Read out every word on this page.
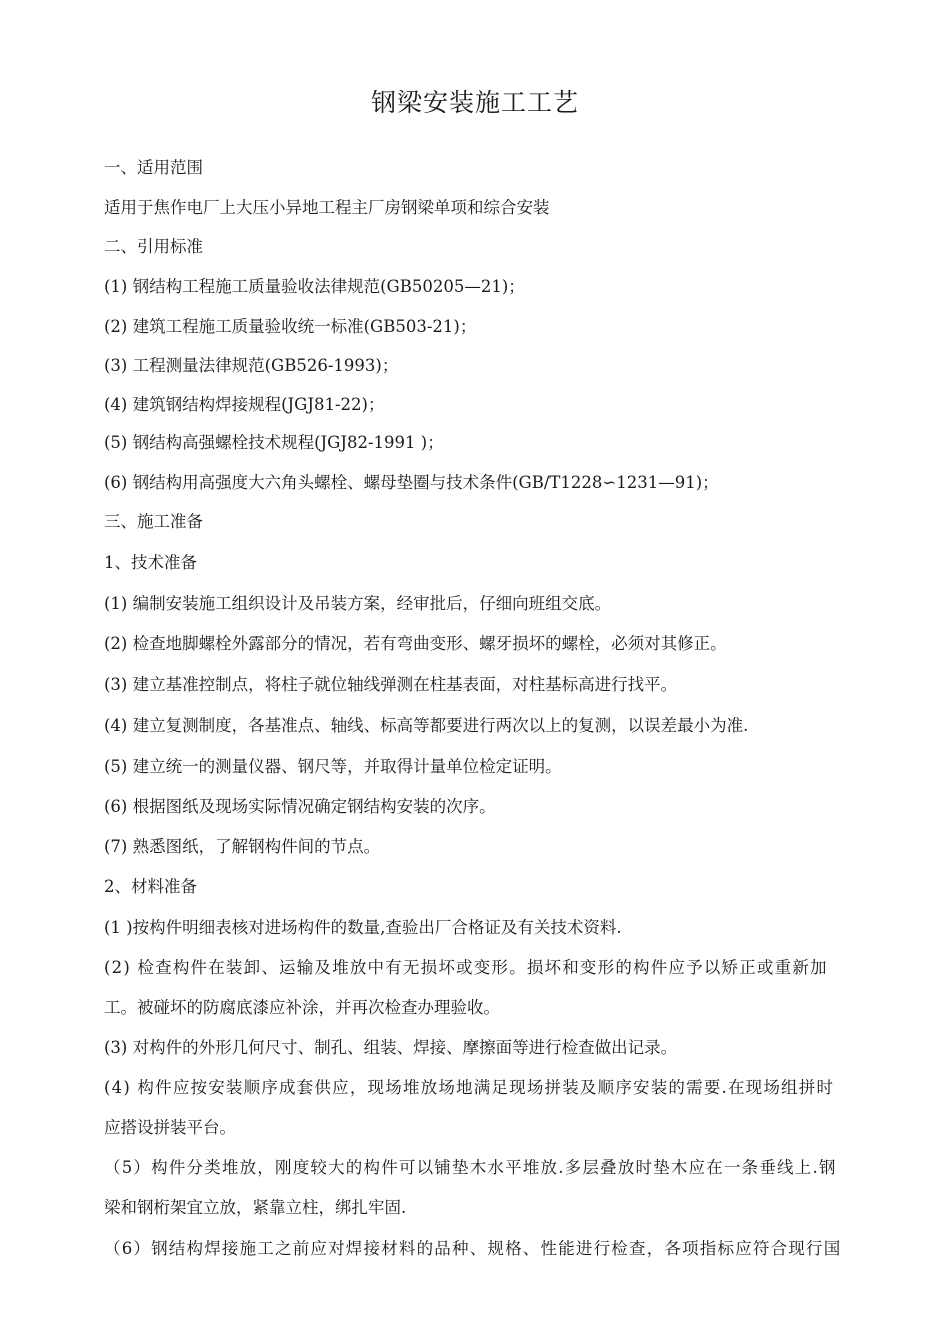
钢梁安装施工工艺
一、适用范围
适用于焦作电厂上大压小异地工程主厂房钢梁单项和综合安装
二、引用标准
(1) 钢结构工程施工质量验收法律规范(GB50205—21)；
(2) 建筑工程施工质量验收统一标准(GB503-21)；
(3) 工程测量法律规范(GB526-1993)；
(4) 建筑钢结构焊接规程(JGJ81-22)；
(5) 钢结构高强螺栓技术规程(JGJ82-1991 )；
(6) 钢结构用高强度大六角头螺栓、螺母垫圈与技术条件(GB/T1228∽1231—91)；
三、施工准备
1、技术准备
(1) 编制安装施工组织设计及吊装方案，经审批后，仔细向班组交底。
(2) 检查地脚螺栓外露部分的情况，若有弯曲变形、螺牙损坏的螺栓，必须对其修正。
(3) 建立基准控制点，将柱子就位轴线弹测在柱基表面，对柱基标高进行找平。
(4) 建立复测制度，各基准点、轴线、标高等都要进行两次以上的复测，以误差最小为准.
(5) 建立统一的测量仪器、钢尺等，并取得计量单位检定证明。
(6) 根据图纸及现场实际情况确定钢结构安装的次序。
(7) 熟悉图纸，了解钢构件间的节点。
2、材料准备
(1 )按构件明细表核对进场构件的数量,查验出厂合格证及有关技术资料.
(2) 检查构件在装卸、运输及堆放中有无损坏或变形。损坏和变形的构件应予以矫正或重新加
工。被碰坏的防腐底漆应补涂，并再次检查办理验收。
(3) 对构件的外形几何尺寸、制孔、组装、焊接、摩擦面等进行检查做出记录。
(4) 构件应按安装顺序成套供应，现场堆放场地满足现场拼装及顺序安装的需要.在现场组拼时
应搭设拼装平台。
（5）构件分类堆放，刚度较大的构件可以铺垫木水平堆放.多层叠放时垫木应在一条垂线上.钢
梁和钢桁架宜立放，紧靠立柱，绑扎牢固.
（6）钢结构焊接施工之前应对焊接材料的品种、规格、性能进行检查，各项指标应符合现行国
